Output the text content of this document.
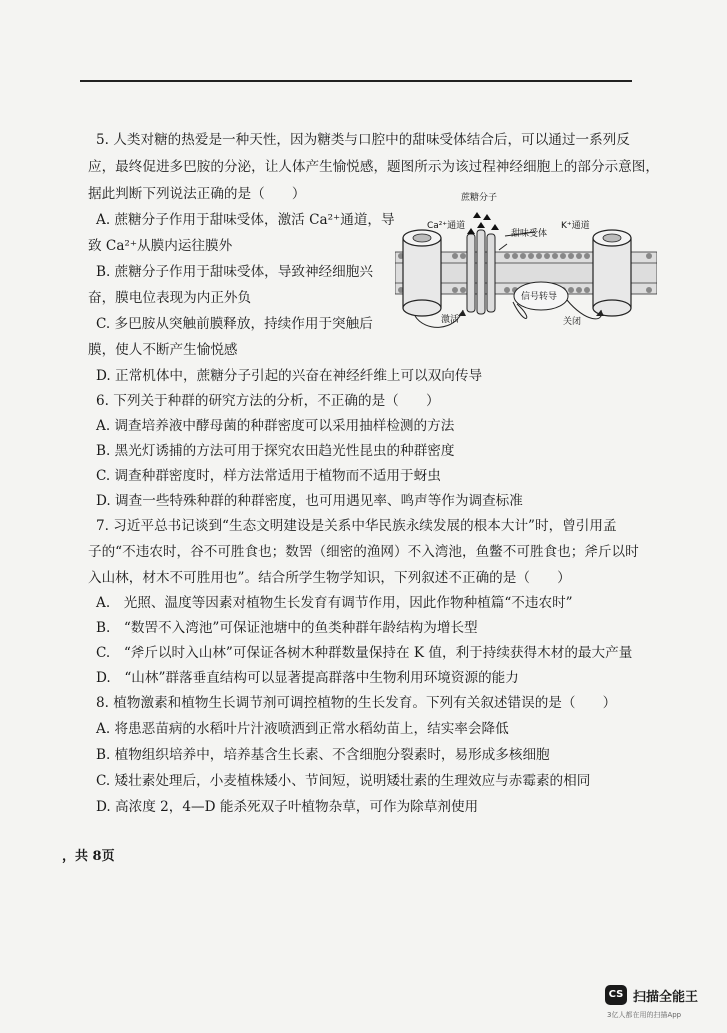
5. 人类对糖的热爱是一种天性，因为糖类与口腔中的甜味受体结合后，可以通过一系列反
应，最终促进多巴胺的分泌，让人体产生愉悦感，题图所示为该过程神经细胞上的部分示意图，
据此判断下列说法正确的是（　　）
A. 蔗糖分子作用于甜味受体，激活 Ca²⁺通道，导
致 Ca²⁺从膜内运往膜外
B. 蔗糖分子作用于甜味受体，导致神经细胞兴
奋，膜电位表现为内正外负
C. 多巴胺从突触前膜释放，持续作用于突触后
膜，使人不断产生愉悦感
D. 正常机体中，蔗糖分子引起的兴奋在神经纤维上可以双向传导
蔗糖分子
Ca²⁺通道
甜味受体
K⁺通道
信号转导
激活	关闭
6. 下列关于种群的研究方法的分析，不正确的是（　　）
A. 调查培养液中酵母菌的种群密度可以采用抽样检测的方法
B. 黑光灯诱捕的方法可用于探究农田趋光性昆虫的种群密度
C. 调查种群密度时，样方法常适用于植物而不适用于蚜虫
D. 调查一些特殊种群的种群密度，也可用遇见率、鸣声等作为调查标准
7. 习近平总书记谈到“生态文明建设是关系中华民族永续发展的根本大计”时，曾引用孟
子的“不违农时，谷不可胜食也；数罟（细密的渔网）不入湾池，鱼鳖不可胜食也；斧斤以时
入山林，材木不可胜用也”。结合所学生物学知识，下列叙述不正确的是（　　）
A.　光照、温度等因素对植物生长发育有调节作用，因此作物种植篇“不违农时”
B.　“数罟不入湾池”可保证池塘中的鱼类种群年龄结构为增长型
C.　“斧斤以时入山林”可保证各树木种群数量保持在 K 值，利于持续获得木材的最大产量
D.　“山林”群落垂直结构可以显著提高群落中生物利用环境资源的能力
8. 植物激素和植物生长调节剂可调控植物的生长发育。下列有关叙述错误的是（　　）
A. 将患恶苗病的水稻叶片汁液喷洒到正常水稻幼苗上，结实率会降低
B. 植物组织培养中，培养基含生长素、不含细胞分裂素时，易形成多核细胞
C. 矮壮素处理后，小麦植株矮小、节间短，说明矮壮素的生理效应与赤霉素的相同
D. 高浓度 2，4—D 能杀死双子叶植物杂草，可作为除草剂使用
，共 8页
CS 扫描全能王
3亿人都在用的扫描App
